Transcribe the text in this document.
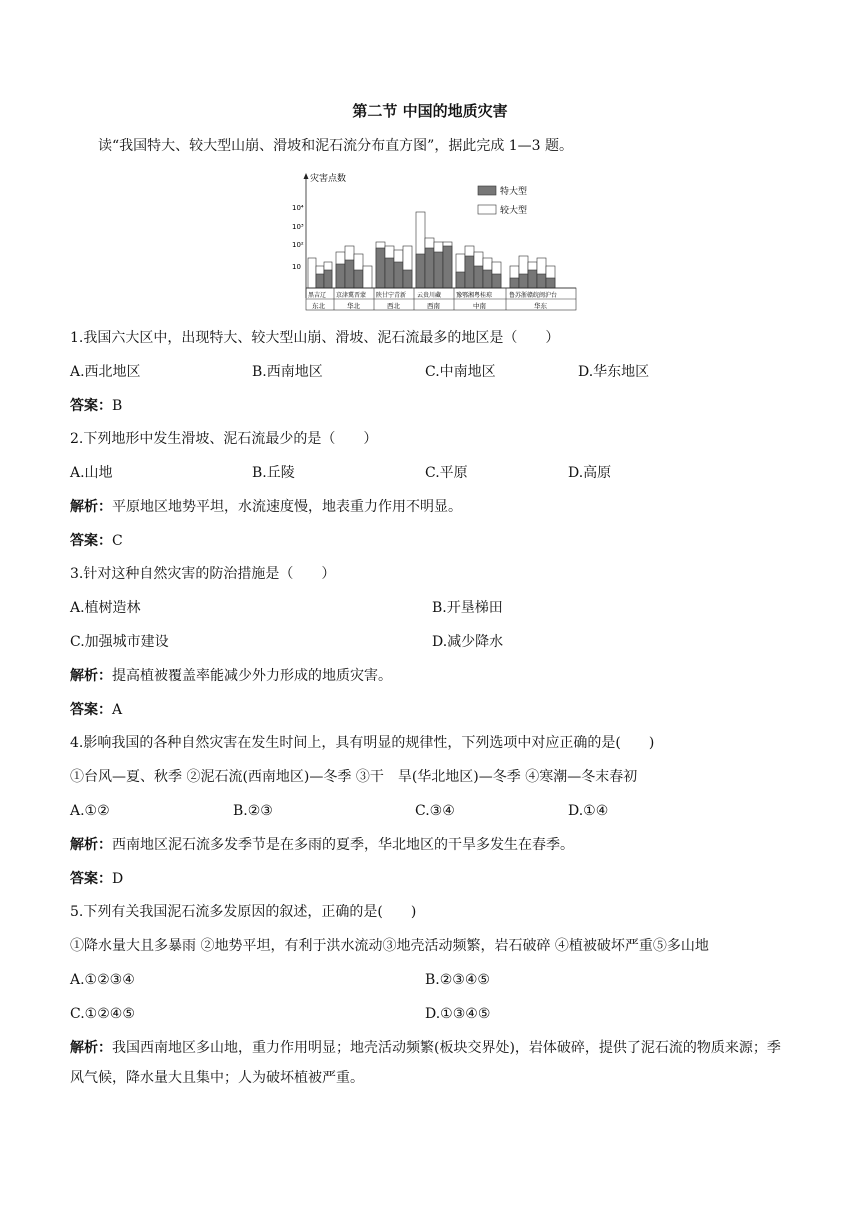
第二节 中国的地质灾害
读“我国特大、较大型山崩、滑坡和泥石流分布直方图”，据此完成 1—3 题。
灾害点数
10⁴
10³
10²
10
特大型
较大型
黑吉辽 京津冀晋蒙 陕甘宁青新 云贵川藏 豫鄂湘粤桂琼	鲁苏浙赣皖闽沪台
东北	华北	西北	西南	中南	华东
1.我国六大区中，出现特大、较大型山崩、滑坡、泥石流最多的地区是（　　）
A.西北地区	B.西南地区	C.中南地区	D.华东地区
答案：B
2.下列地形中发生滑坡、泥石流最少的是（　　）
A.山地	B.丘陵	C.平原	D.高原
解析：平原地区地势平坦，水流速度慢，地表重力作用不明显。
答案：C
3.针对这种自然灾害的防治措施是（　　）
A.植树造林	B.开垦梯田
C.加强城市建设	D.减少降水
解析：提高植被覆盖率能减少外力形成的地质灾害。
答案：A
4.影响我国的各种自然灾害在发生时间上，具有明显的规律性，下列选项中对应正确的是(　　)
①台风—夏、秋季 ②泥石流(西南地区)—冬季 ③干　旱(华北地区)—冬季 ④寒潮—冬末春初
A.①②	B.②③	C.③④	D.①④
解析：西南地区泥石流多发季节是在多雨的夏季，华北地区的干旱多发生在春季。
答案：D
5.下列有关我国泥石流多发原因的叙述，正确的是(　　)
①降水量大且多暴雨 ②地势平坦，有利于洪水流动③地壳活动频繁，岩石破碎 ④植被破坏严重⑤多山地
A.①②③④	B.②③④⑤
C.①②④⑤	D.①③④⑤
解析：我国西南地区多山地，重力作用明显；地壳活动频繁(板块交界处)，岩体破碎，提供了泥石流的物质来源；季风气候，降水量大且集中；人为破坏植被严重。
